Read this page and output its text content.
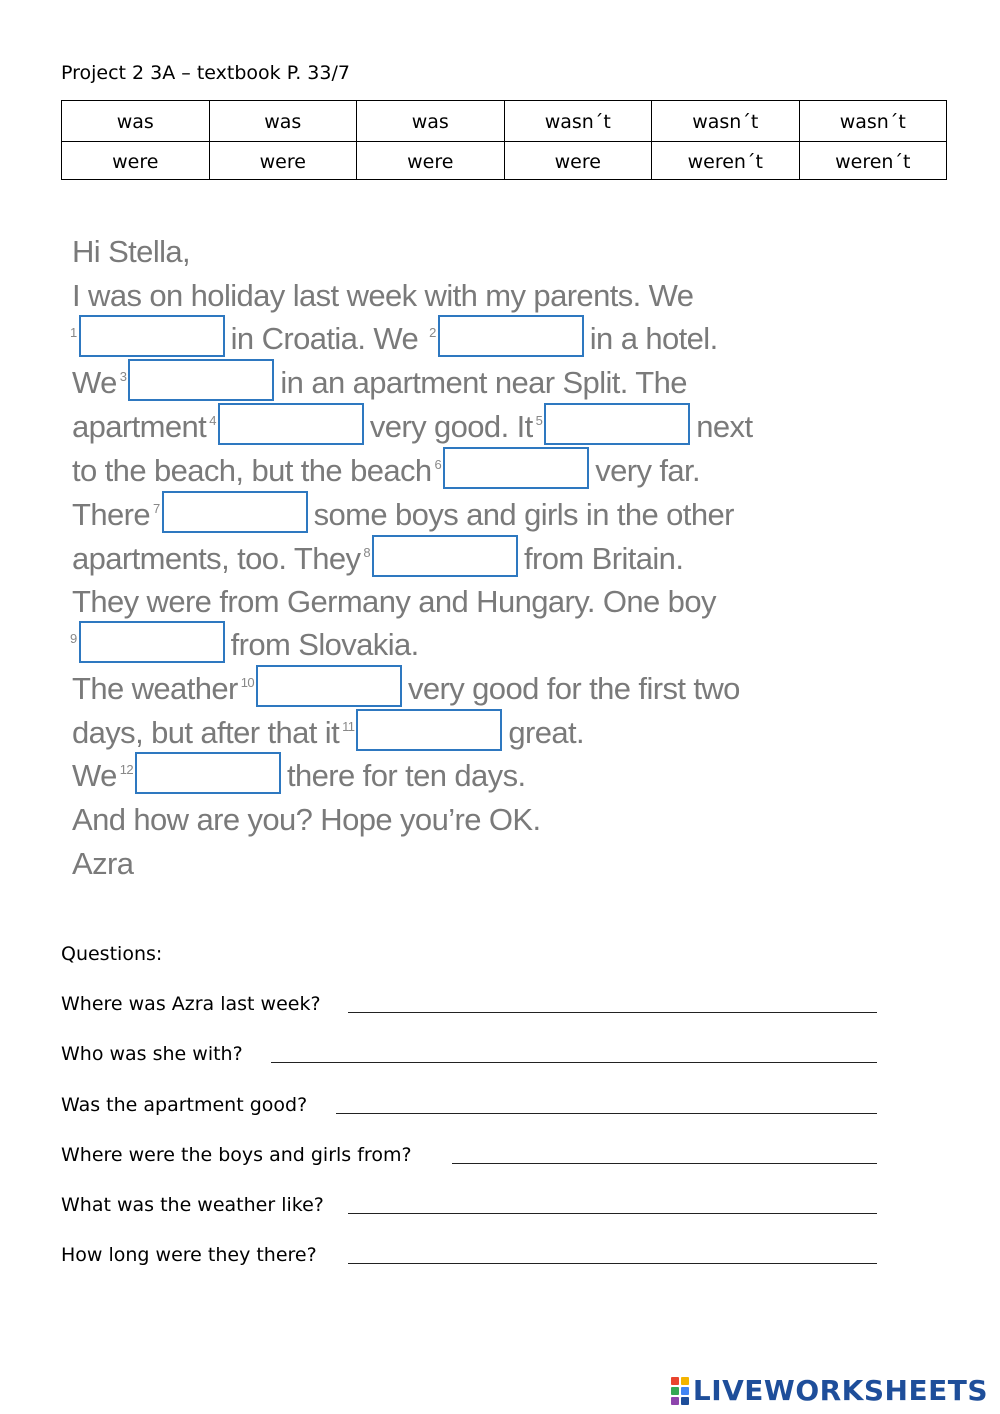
Project 2 3A – textbook P. 33/7
was	was	was	wasn´t	wasn´t	wasn´t
were	were	were	were	weren´t	weren´t
Hi Stella,
I was on holiday last week with my parents. We
$^1$	in Croatia. We $^2$	in a hotel.
We $^3$	in an apartment near Split. The
apartment $^4$	very good. It $^5$	next
to the beach, but the beach $^6$	very far.
There $^7$	some boys and girls in the other
apartments, too. They $^8$	from Britain.
They were from Germany and Hungary. One boy
$^9$	from Slovakia.
The weather $^{10}$	very good for the first two
days, but after that it $^{11}$	great.
We $^{12}$	there for ten days.
And how are you? Hope you’re OK.
Azra
Questions:
Where was Azra last week?
Who was she with?
Was the apartment good?
Where were the boys and girls from?
What was the weather like?
How long were they there?
LIVEWORKSHEETS
